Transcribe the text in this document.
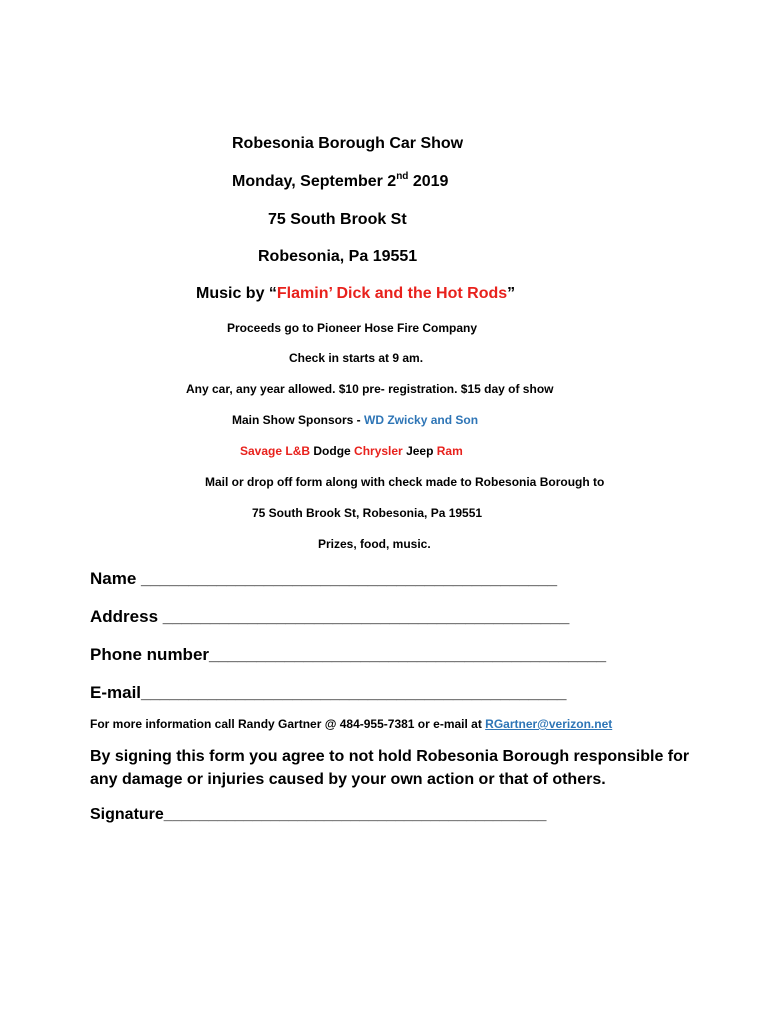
Robesonia Borough Car Show
Monday, September 2nd 2019
75 South Brook St
Robesonia, Pa 19551
Music by “Flamin’ Dick and the Hot Rods”
Proceeds go to Pioneer Hose Fire Company
Check in starts at 9 am.
Any car, any year allowed. $10 pre- registration. $15 day of show
Main Show Sponsors - WD Zwicky and Son
Savage L&B Dodge Chrysler Jeep Ram
Mail or drop off form along with check made to Robesonia Borough to
75 South Brook St, Robesonia, Pa 19551
Prizes, food, music.
Name ____________________________________________
Address ___________________________________________
Phone number__________________________________________
E-mail_____________________________________________
For more information call Randy Gartner @ 484-955-7381 or e-mail at RGartner@verizon.net
By signing this form you agree to not hold Robesonia Borough responsible for
any damage or injuries caused by your own action or that of others.
Signature___________________________________________
